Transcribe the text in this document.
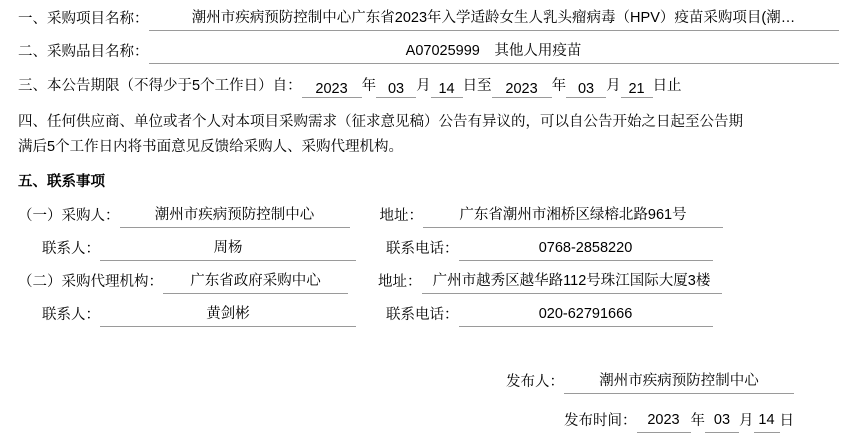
一、采购项目名称：	潮州市疾病预防控制中心广东省2023年入学适龄女生人乳头瘤病毒（HPV）疫苗采购项目(潮…
二、采购品目名称：	A07025999　其他人用疫苗
三、本公告期限（不得少于5个工作日）自： 2023 年 03 月 14 日至 2023 年 03 月 21 日止
四、任何供应商、单位或者个人对本项目采购需求（征求意见稿）公告有异议的，可以自公告开始之日起至公告期
满后5个工作日内将书面意见反馈给采购人、采购代理机构。
五、联系事项
（一）采购人：	潮州市疾病预防控制中心	地址：	广东省潮州市湘桥区绿榕北路961号
联系人：	周杨	联系电话：	0768-2858220
（二）采购代理机构：	广东省政府采购中心	地址： 广州市越秀区越华路112号珠江国际大厦3楼
联系人：	黄剑彬	联系电话：	020-62791666
发布人：	潮州市疾病预防控制中心
发布时间： 2023 年 03 月 14 日
